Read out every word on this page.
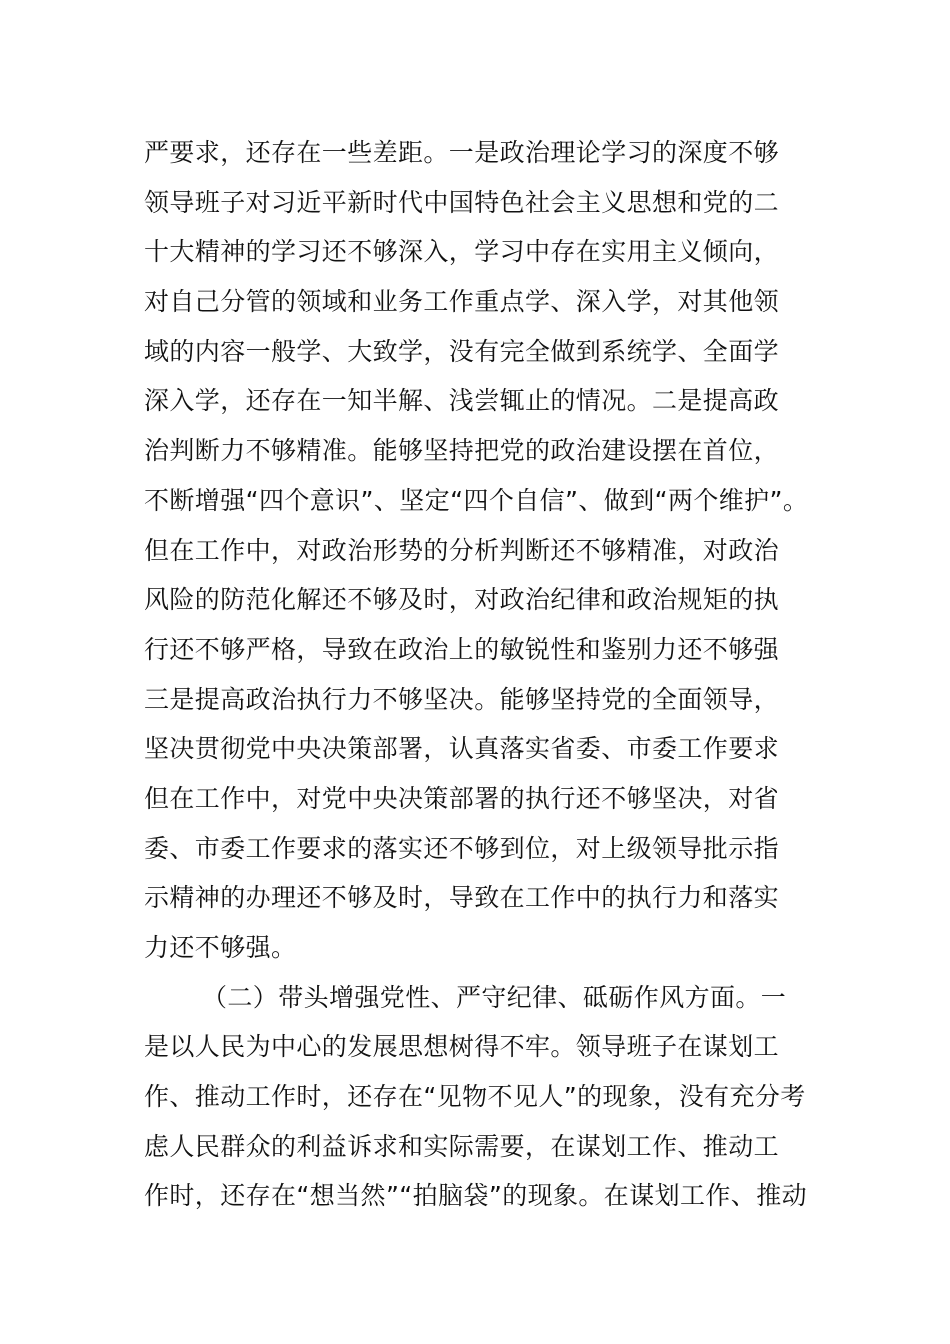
严要求，还存在一些差距。一是政治理论学习的深度不够
领导班子对习近平新时代中国特色社会主义思想和党的二
十大精神的学习还不够深入，学习中存在实用主义倾向，
对自己分管的领域和业务工作重点学、深入学，对其他领
域的内容一般学、大致学，没有完全做到系统学、全面学
深入学，还存在一知半解、浅尝辄止的情况。二是提高政
治判断力不够精准。能够坚持把党的政治建设摆在首位，
不断增强“四个意识”、坚定“四个自信”、做到“两个维护”。
但在工作中，对政治形势的分析判断还不够精准，对政治
风险的防范化解还不够及时，对政治纪律和政治规矩的执
行还不够严格，导致在政治上的敏锐性和鉴别力还不够强
三是提高政治执行力不够坚决。能够坚持党的全面领导，
坚决贯彻党中央决策部署，认真落实省委、市委工作要求
但在工作中，对党中央决策部署的执行还不够坚决，对省
委、市委工作要求的落实还不够到位，对上级领导批示指
示精神的办理还不够及时，导致在工作中的执行力和落实
力还不够强。
（二）带头增强党性、严守纪律、砥砺作风方面。一
是以人民为中心的发展思想树得不牢。领导班子在谋划工
作、推动工作时，还存在“见物不见人”的现象，没有充分考
虑人民群众的利益诉求和实际需要，在谋划工作、推动工
作时，还存在“想当然”“拍脑袋”的现象。在谋划工作、推动
